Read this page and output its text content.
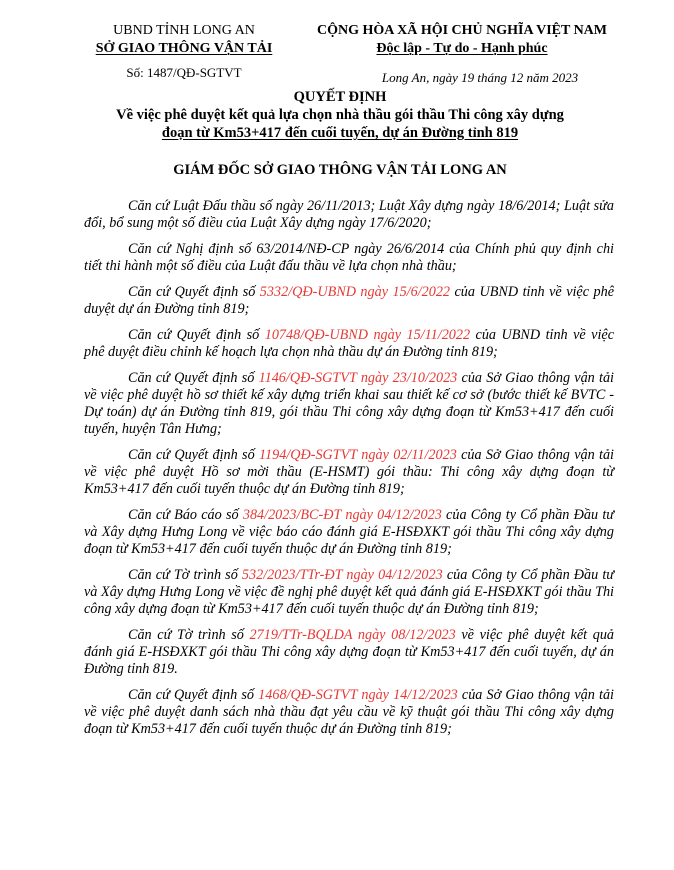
UBND TỈNH LONG AN
SỞ GIAO THÔNG VẬN TẢI
Số: 1487/QĐ-SGTVT
CỘNG HÒA XÃ HỘI CHỦ NGHĨA VIỆT NAM
Độc lập - Tự do - Hạnh phúc
Long An, ngày 19 tháng 12 năm 2023
QUYẾT ĐỊNH
Về việc phê duyệt kết quả lựa chọn nhà thầu gói thầu Thi công xây dựng
đoạn từ Km53+417 đến cuối tuyến, dự án Đường tỉnh 819
GIÁM ĐỐC SỞ GIAO THÔNG VẬN TẢI LONG AN

Căn cứ Luật Đấu thầu số ngày 26/11/2013; Luật Xây dựng ngày 18/6/2014; Luật sửa đổi, bổ sung một số điều của Luật Xây dựng ngày 17/6/2020;

Căn cứ Nghị định số 63/2014/NĐ-CP ngày 26/6/2014 của Chính phủ quy định chi tiết thi hành một số điều của Luật đấu thầu về lựa chọn nhà thầu;

Căn cứ Quyết định số 5332/QĐ-UBND ngày 15/6/2022 của UBND tỉnh về việc phê duyệt dự án Đường tỉnh 819;

Căn cứ Quyết định số 10748/QĐ-UBND ngày 15/11/2022 của UBND tỉnh về việc phê duyệt điều chỉnh kế hoạch lựa chọn nhà thầu dự án Đường tỉnh 819;

Căn cứ Quyết định số 1146/QĐ-SGTVT ngày 23/10/2023 của Sở Giao thông vận tải về việc phê duyệt hồ sơ thiết kế xây dựng triển khai sau thiết kế cơ sở (bước thiết kế BVTC - Dự toán) dự án Đường tỉnh 819, gói thầu Thi công xây dựng đoạn từ Km53+417 đến cuối tuyến, huyện Tân Hưng;

Căn cứ Quyết định số 1194/QĐ-SGTVT ngày 02/11/2023 của Sở Giao thông vận tải về việc phê duyệt Hồ sơ mời thầu (E-HSMT) gói thầu: Thi công xây dựng đoạn từ Km53+417 đến cuối tuyến thuộc dự án Đường tỉnh 819;

Căn cứ Báo cáo số 384/2023/BC-ĐT ngày 04/12/2023 của Công ty Cổ phần Đầu tư và Xây dựng Hưng Long về việc báo cáo đánh giá E-HSĐXKT gói thầu Thi công xây dựng đoạn từ Km53+417 đến cuối tuyến thuộc dự án Đường tỉnh 819;

Căn cứ Tờ trình số 532/2023/TTr-ĐT ngày 04/12/2023 của Công ty Cổ phần Đầu tư và Xây dựng Hưng Long về việc đề nghị phê duyệt kết quả đánh giá E-HSĐXKT gói thầu Thi công xây dựng đoạn từ Km53+417 đến cuối tuyến thuộc dự án Đường tỉnh 819;

Căn cứ Tờ trình số 2719/TTr-BQLDA ngày 08/12/2023 về việc phê duyệt kết quả đánh giá E-HSĐXKT gói thầu Thi công xây dựng đoạn từ Km53+417 đến cuối tuyến, dự án Đường tỉnh 819.

Căn cứ Quyết định số 1468/QĐ-SGTVT ngày 14/12/2023 của Sở Giao thông vận tải về việc phê duyệt danh sách nhà thầu đạt yêu cầu về kỹ thuật gói thầu Thi công xây dựng đoạn từ Km53+417 đến cuối tuyến thuộc dự án Đường tỉnh 819;
